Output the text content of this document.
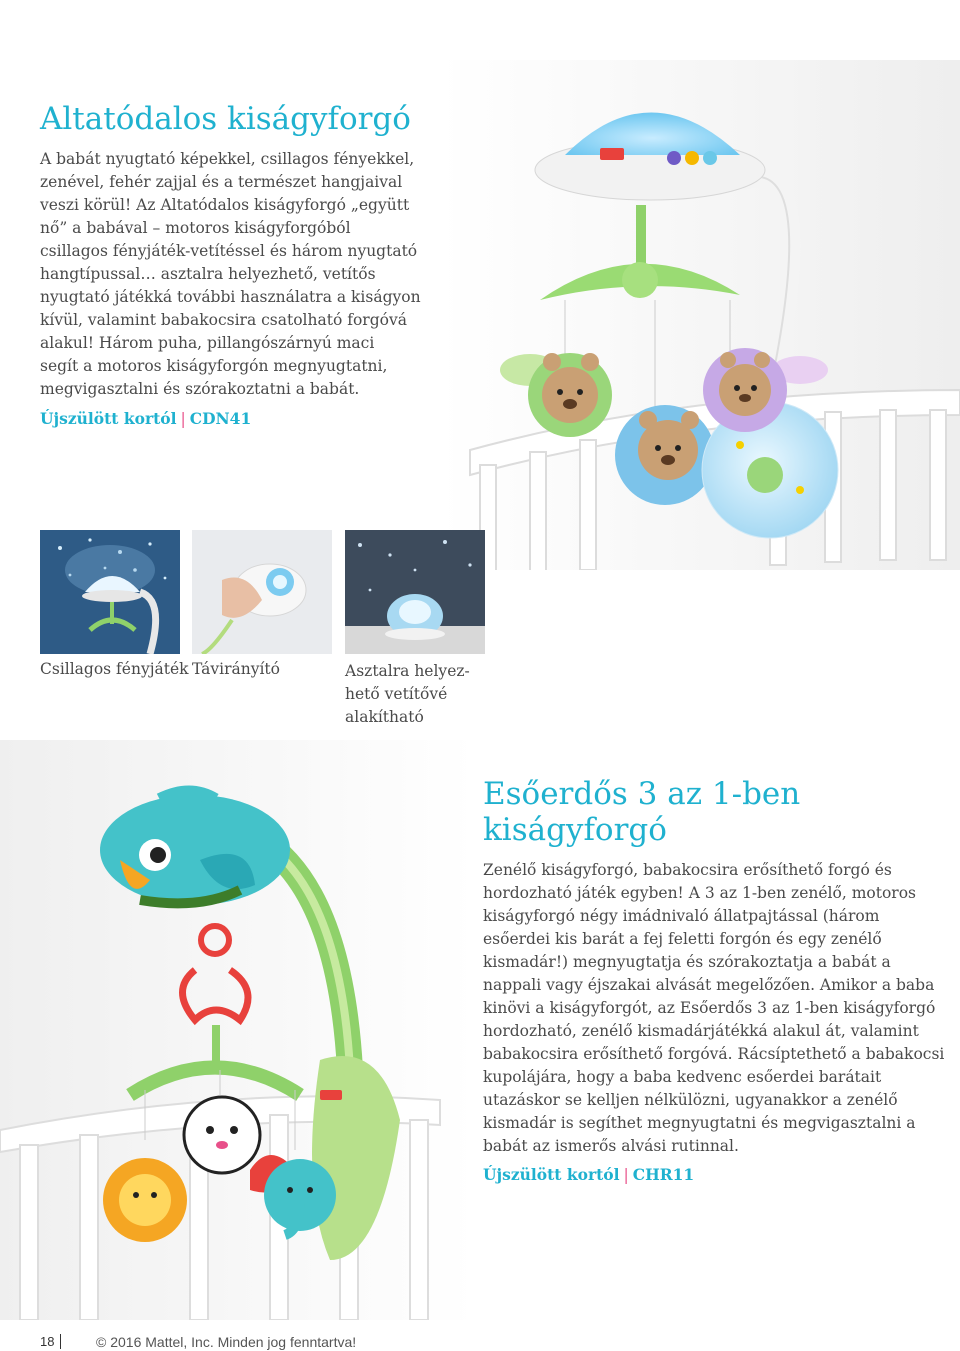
Altatódalos kiságyforgó
A babát nyugtató képekkel, csillagos fényekkel,
zenével, fehér zajjal és a természet hangjaival
veszi körül! Az Altatódalos kiságyforgó „együtt
nő” a babával – motoros kiságyforgóból
csillagos fényjáték-vetítéssel és három nyugtató
hangtípussal… asztalra helyezhető, vetítős
nyugtató játékká további használatra a kiságyon
kívül, valamint babakocsira csatolható forgóvá
alakul! Három puha, pillangószárnyú maci
segít a motoros kiságyforgón megnyugtatni,
megvigasztalni és szórakoztatni a babát.
Újszülött kortól | CDN41
Csillagos fényjáték Távirányító	Asztalra helyez-
hető vetítővé
alakítható
Esőerdős 3 az 1-ben
kiságyforgó
Zenélő kiságyforgó, babakocsira erősíthető forgó és
hordozható játék egyben! A 3 az 1-ben zenélő, motoros
kiságyforgó négy imádnivaló állatpajtással (három
esőerdei kis barát a fej feletti forgón és egy zenélő
kismadár!) megnyugtatja és szórakoztatja a babát a
nappali vagy éjszakai alvását megelőzően. Amikor a baba
kinövi a kiságyforgót, az Esőerdős 3 az 1-ben kiságyforgó
hordozható, zenélő kismadárjátékká alakul át, valamint
babakocsira erősíthető forgóvá. Rácsíptethető a babakocsi
kupolájára, hogy a baba kedvenc esőerdei barátait
utazáskor se kelljen nélkülözni, ugyanakkor a zenélő
kismadár is segíthet megnyugtatni és megvigasztalni a
babát az ismerős alvási rutinnal.
Újszülött kortól | CHR11
18	© 2016 Mattel, Inc. Minden jog fenntartva!
